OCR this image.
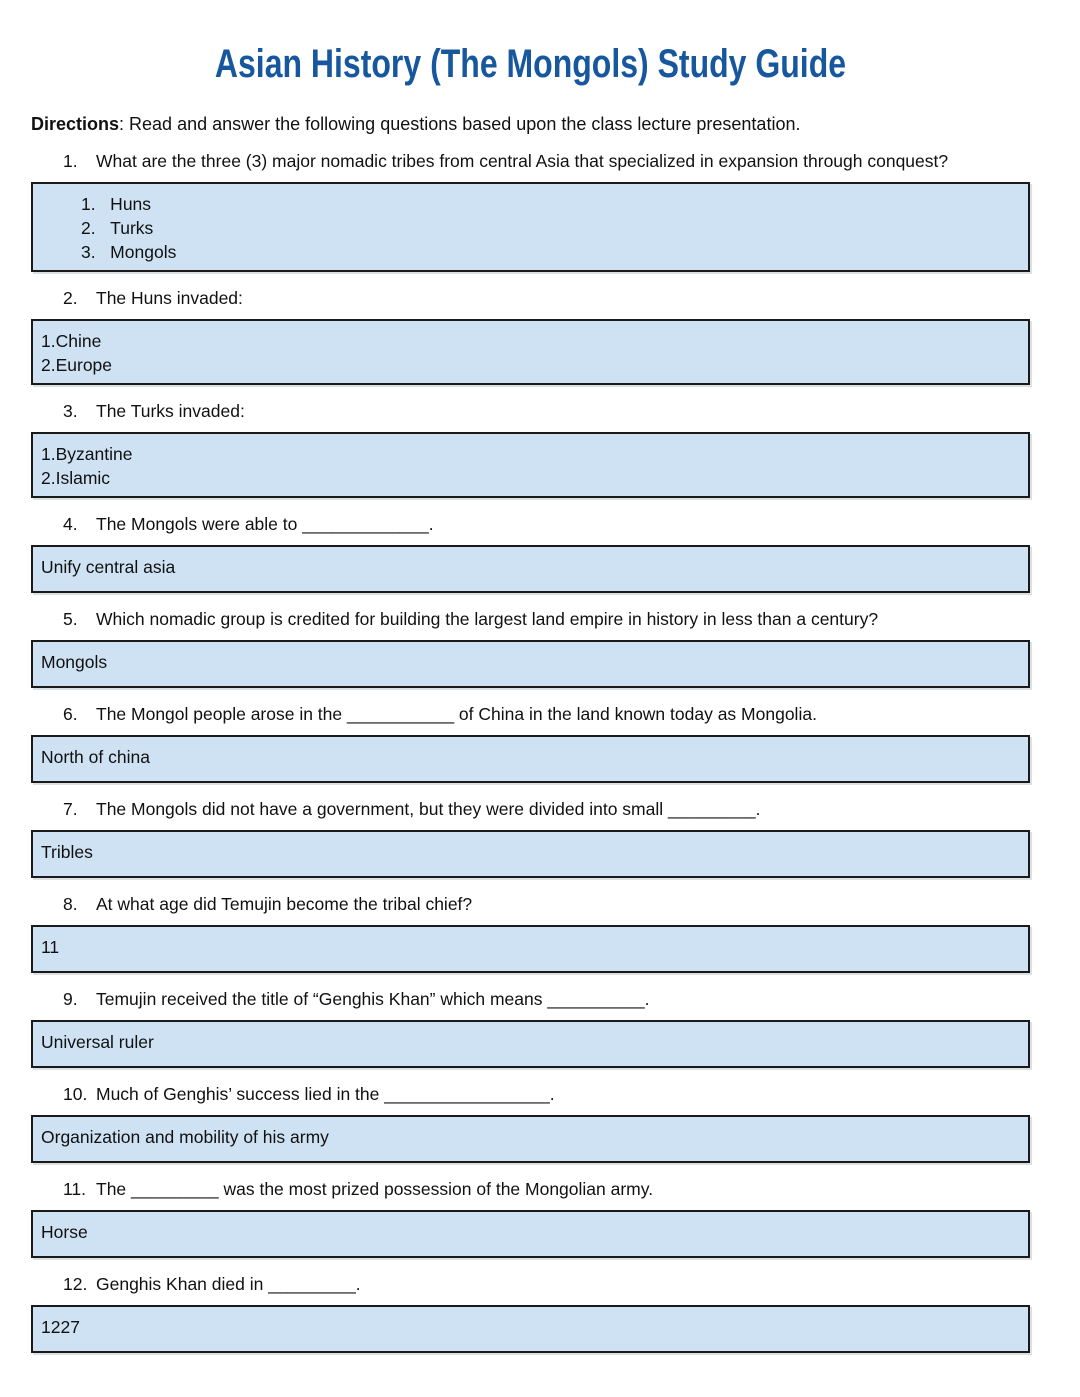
Asian History (The Mongols) Study Guide

Directions: Read and answer the following questions based upon the class lecture presentation.

1.	What are the three (3) major nomadic tribes from central Asia that specialized in expansion through conquest?
1.   Huns
2.   Turks
3.   Mongols
2.	The Huns invaded:
1.Chine
2.Europe
3.	The Turks invaded:
1.Byzantine
2.Islamic
4.	The Mongols were able to _____________.
Unify central asia
5.	Which nomadic group is credited for building the largest land empire in history in less than a century?
Mongols
6.	The Mongol people arose in the ___________ of China in the land known today as Mongolia.
North of china
7.	The Mongols did not have a government, but they were divided into small _________.
Tribles
8.	At what age did Temujin become the tribal chief?
11
9.	Temujin received the title of “Genghis Khan” which means __________.
Universal ruler
10. Much of Genghis’ success lied in the _________________.
Organization and mobility of his army
11. The _________ was the most prized possession of the Mongolian army.
Horse
12. Genghis Khan died in _________.
1227
